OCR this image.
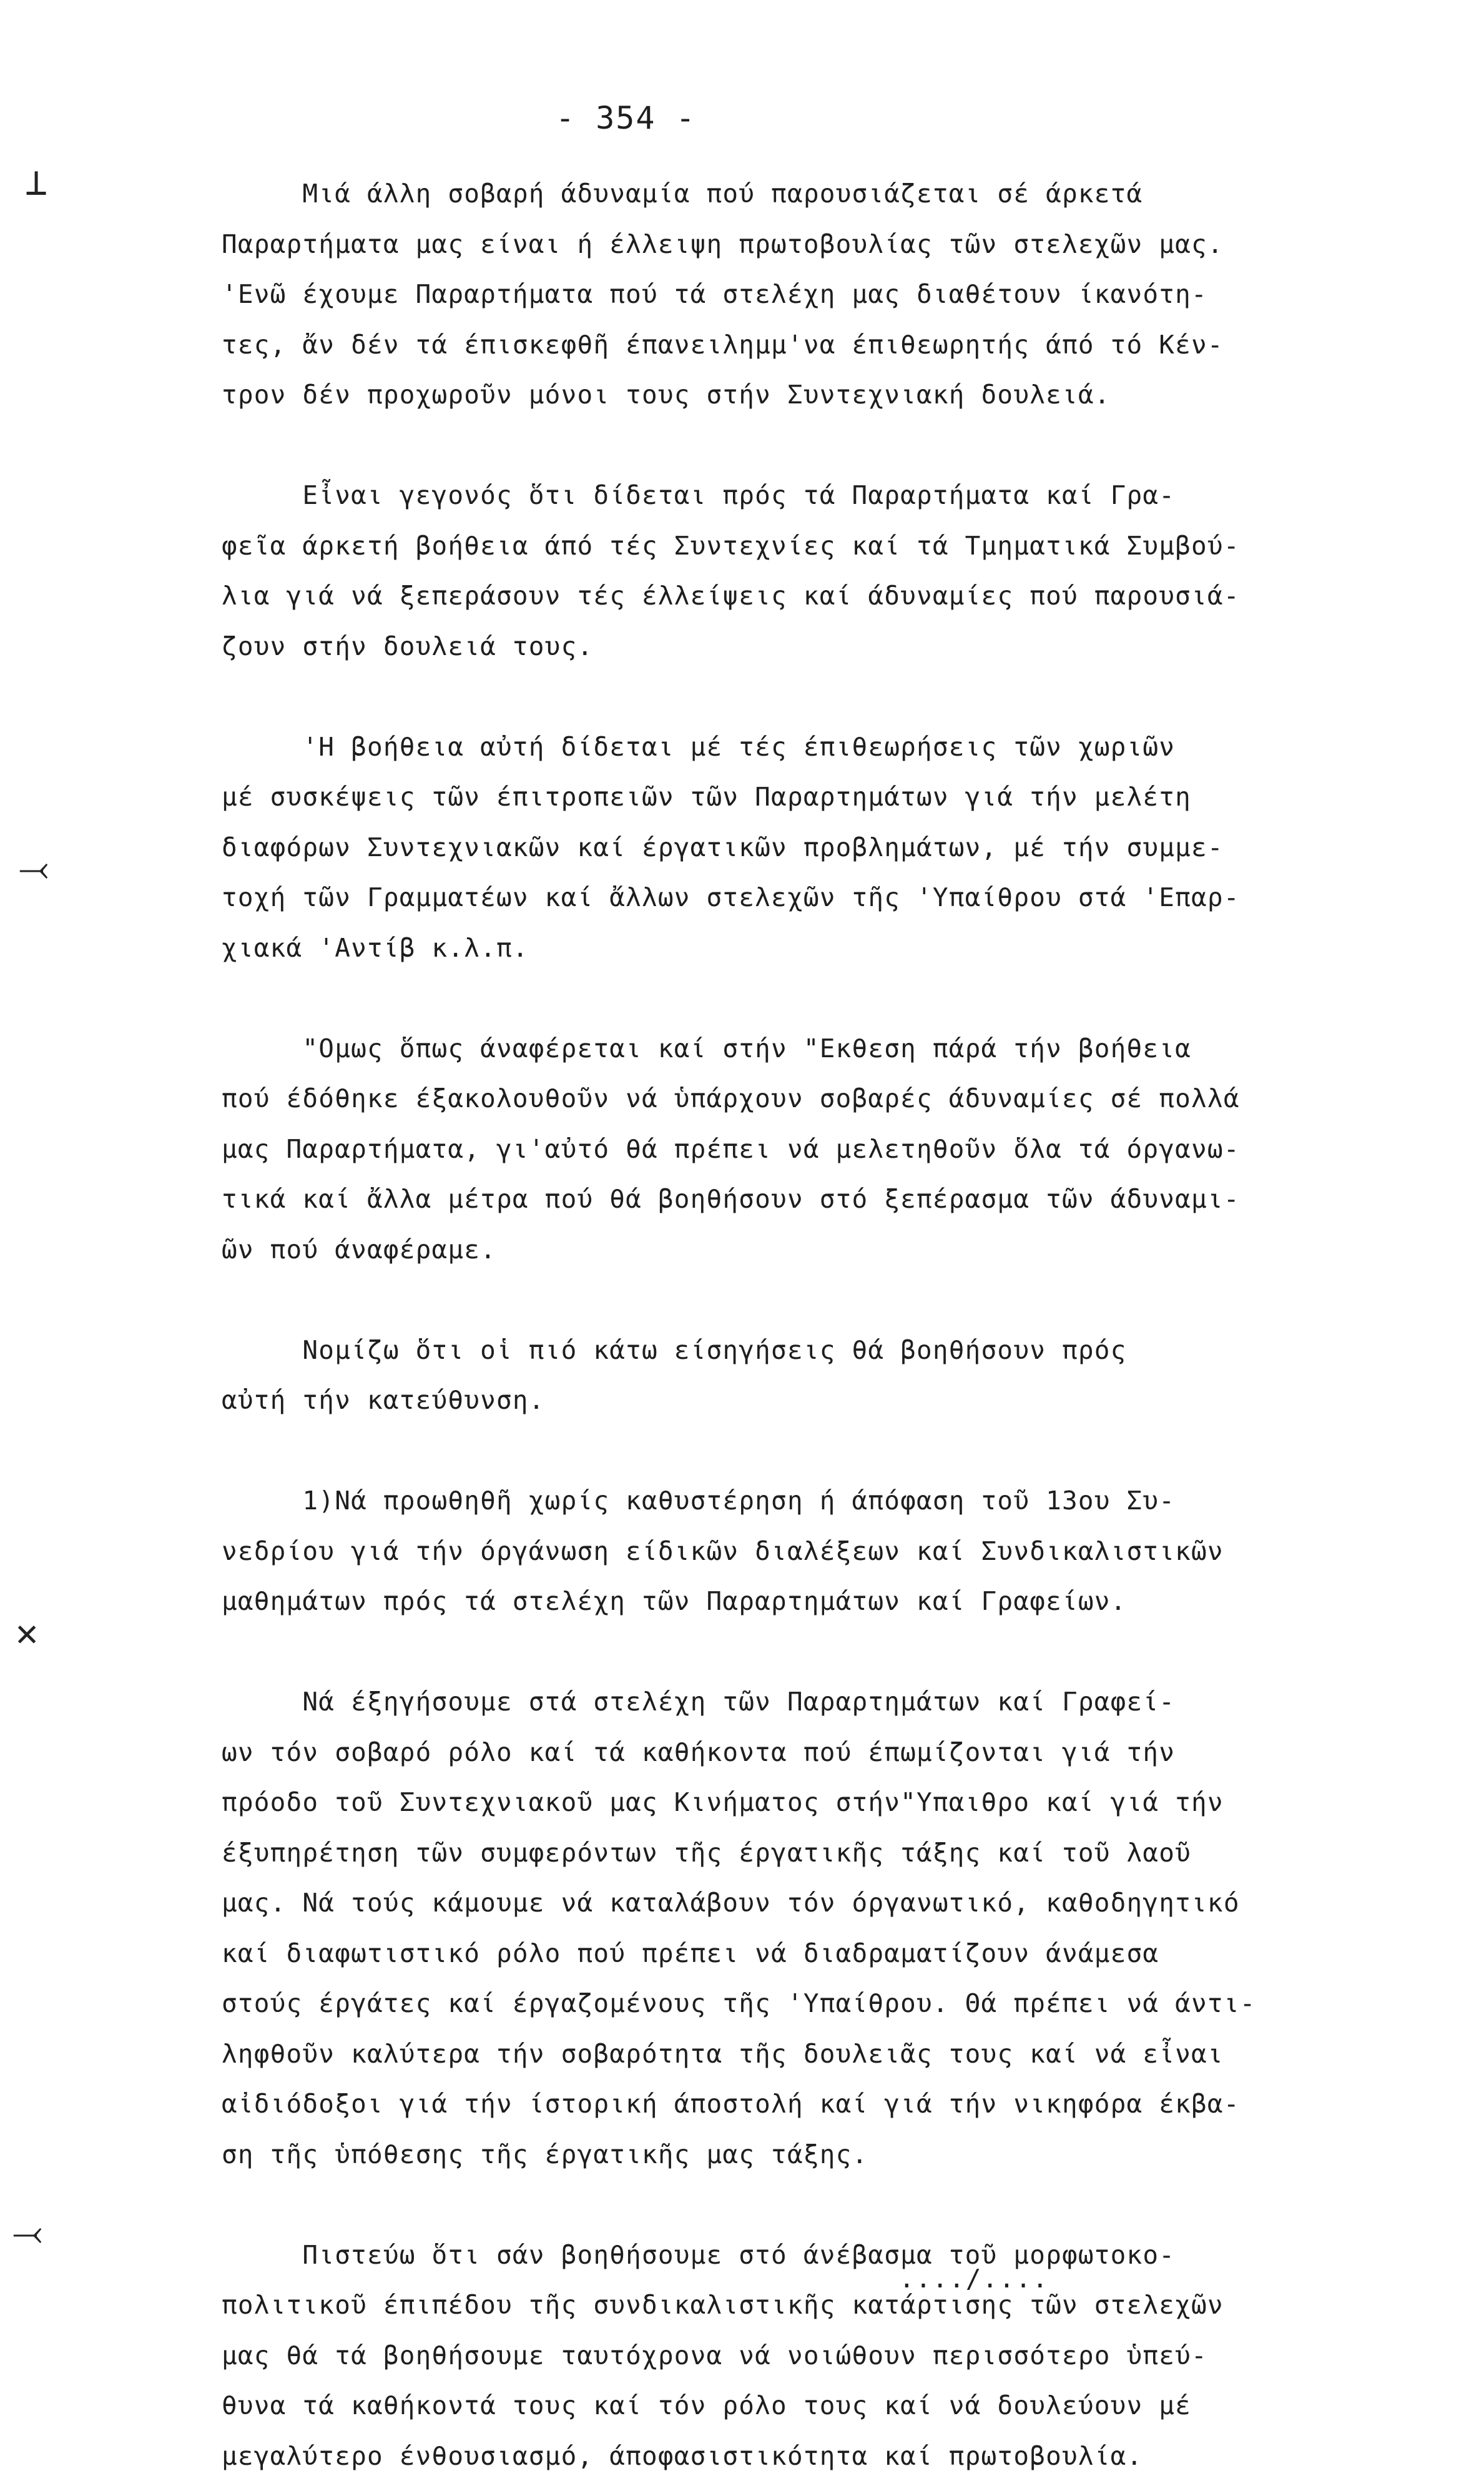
- 354 -
⊥
⤙
✕
⤙
Μιά άλλη σοβαρή άδυναμία πού παρουσιάζεται σέ άρκετά
Παραρτήματα μας είναι ή έλλειψη πρωτοβουλίας τῶν στελεχῶν μας.
'Ενῶ έχουμε Παραρτήματα πού τά στελέχη μας διαθέτουν ίκανότη-
τες, ἄν δέν τά έπισκεφθῆ έπανειλημμ'να έπιθεωρητής άπό τό Κέν-
τρον δέν προχωροῦν μόνοι τους στήν Συντεχνιακή δουλειά.
Εἶναι γεγονός ὅτι δίδεται πρός τά Παραρτήματα καί Γρα-
φεῖα άρκετή βοήθεια άπό τές Συντεχνίες καί τά Τμηματικά Συμβού-
λια γιά νά ξεπεράσουν τές έλλείψεις καί άδυναμίες πού παρουσιά-
ζουν στήν δουλειά τους.
'Η βοήθεια αὐτή δίδεται μέ τές έπιθεωρήσεις τῶν χωριῶν
μέ συσκέψεις τῶν έπιτροπειῶν τῶν Παραρτημάτων γιά τήν μελέτη
διαφόρων Συντεχνιακῶν καί έργατικῶν προβλημάτων, μέ τήν συμμε-
τοχή τῶν Γραμματέων καί ἄλλων στελεχῶν τῆς 'Υπαίθρου στά 'Επαρ-
χιακά 'Αντίβ κ.λ.π.
"Ομως ὅπως άναφέρεται καί στήν "Εκθεση πάρά τήν βοήθεια
πού έδόθηκε έξακολουθοῦν νά ὑπάρχουν σοβαρές άδυναμίες σέ πολλά
μας Παραρτήματα, γι'αὐτό θά πρέπει νά μελετηθοῦν ὅλα τά όργανω-
τικά καί ἄλλα μέτρα πού θά βοηθήσουν στό ξεπέρασμα τῶν άδυναμι-
ῶν πού άναφέραμε.
Νομίζω ὅτι οἱ πιό κάτω είσηγήσεις θά βοηθήσουν πρός
αὐτή τήν κατεύθυνση.
1)Νά προωθηθῆ χωρίς καθυστέρηση ή άπόφαση τοῦ 13ου Συ-
νεδρίου γιά τήν όργάνωση είδικῶν διαλέξεων καί Συνδικαλιστικῶν
μαθημάτων πρός τά στελέχη τῶν Παραρτημάτων καί Γραφείων.
Νά έξηγήσουμε στά στελέχη τῶν Παραρτημάτων καί Γραφεί-
ων τόν σοβαρό ρόλο καί τά καθήκοντα πού έπωμίζονται γιά τήν
πρόοδο τοῦ Συντεχνιακοῦ μας Κινήματος στήν"Υπαιθρο καί γιά τήν
έξυπηρέτηση τῶν συμφερόντων τῆς έργατικῆς τάξης καί τοῦ λαοῦ
μας. Νά τούς κάμουμε νά καταλάβουν τόν όργανωτικό, καθοδηγητικό
καί διαφωτιστικό ρόλο πού πρέπει νά διαδραματίζουν άνάμεσα
στούς έργάτες καί έργαζομένους τῆς 'Υπαίθρου. Θά πρέπει νά άντι-
ληφθοῦν καλύτερα τήν σοβαρότητα τῆς δουλειᾶς τους καί νά εἶναι
αἰδιόδοξοι γιά τήν ίστορική άποστολή καί γιά τήν νικηφόρα έκβα-
ση τῆς ὑπόθεσης τῆς έργατικῆς μας τάξης.
Πιστεύω ὅτι σάν βοηθήσουμε στό άνέβασμα τοῦ μορφωτοκο-
πολιτικοῦ έπιπέδου τῆς συνδικαλιστικῆς κατάρτισης τῶν στελεχῶν
μας θά τά βοηθήσουμε ταυτόχρονα νά νοιώθουν περισσότερο ὑπεύ-
θυνα τά καθήκοντά τους καί τόν ρόλο τους καί νά δουλεύουν μέ
μεγαλύτερο ένθουσιασμό, άποφασιστικότητα καί πρωτοβουλία.
..../....
